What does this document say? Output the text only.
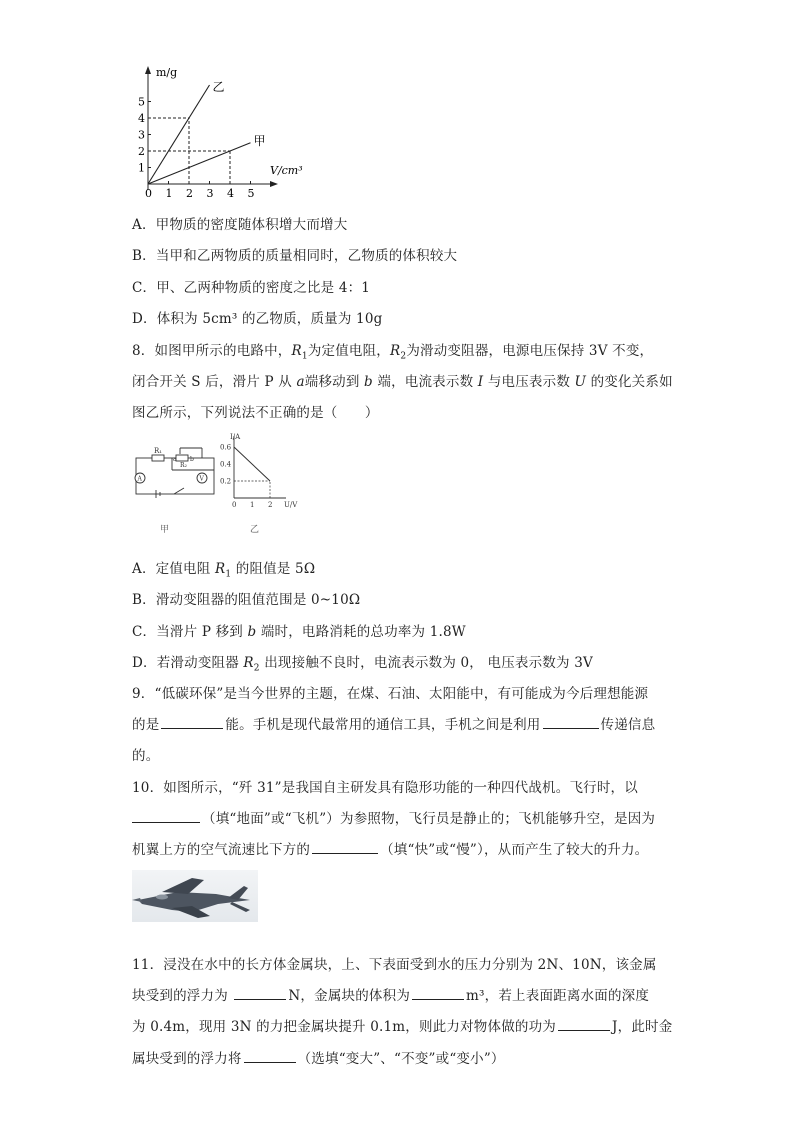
m/g
V/cm³
0 1 2 3 4 5
1
2
3
4
5
乙
甲
A．甲物质的密度随体积增大而增大
B．当甲和乙两物质的质量相同时，乙物质的体积较大
C．甲、乙两种物质的密度之比是 4：1
D．体积为 5cm³ 的乙物质，质量为 10g
8．如图甲所示的电路中，$R_1$为定值电阻，$R_2$为滑动变阻器，电源电压保持 3V 不变，
闭合开关 S 后，滑片 P 从 a端移动到 b 端，电流表示数 I 与电压表示数 U 的变化关系如
图乙所示，下列说法不正确的是（　　）
R₁
a
R₂
b
A	V
甲
I/A
U/V
0.6
0.4
0.2
0 1 2
乙
A．定值电阻 $R_1$ 的阻值是 5Ω
B．滑动变阻器的阻值范围是 0~10Ω
C．当滑片 P 移到 b 端时，电路消耗的总功率为 1.8W
D．若滑动变阻器 $R_2$ 出现接触不良时，电流表示数为 0， 电压表示数为 3V
9．“低碳环保”是当今世界的主题，在煤、石油、太阳能中，有可能成为今后理想能源
的是	能。手机是现代最常用的通信工具，手机之间是利用	传递信息
的。
10．如图所示，“歼 31”是我国自主研发具有隐形功能的一种四代战机。飞行时，以
（填“地面”或“飞机”）为参照物，飞行员是静止的；飞机能够升空，是因为
机翼上方的空气流速比下方的	（填“快”或“慢”），从而产生了较大的升力。
11．浸没在水中的长方体金属块，上、下表面受到水的压力分别为 2N、10N，该金属
块受到的浮力为	N，金属块的体积为	m³，若上表面距离水面的深度
为 0.4m，现用 3N 的力把金属块提升 0.1m，则此力对物体做的功为	J，此时金
属块受到的浮力将	（选填“变大”、“不变”或“变小”）
